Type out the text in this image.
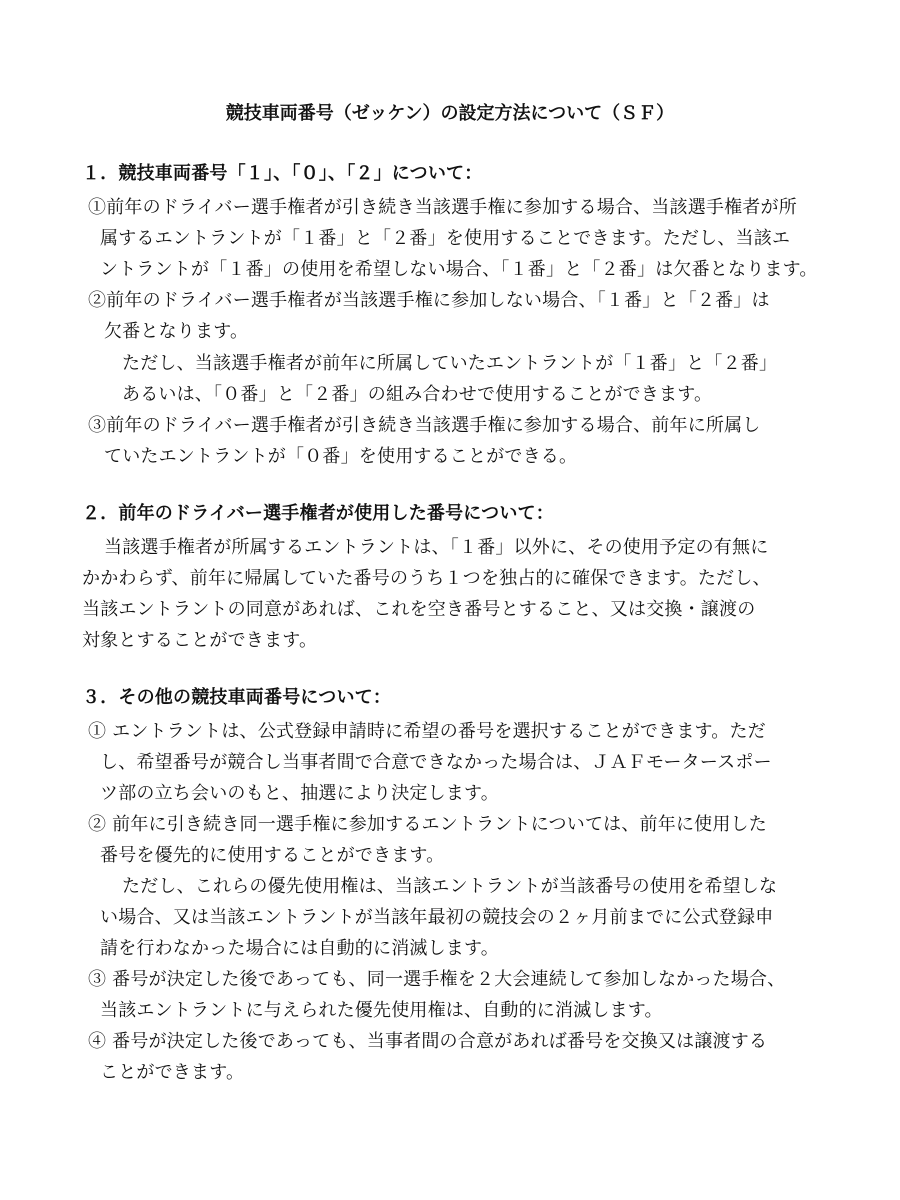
競技車両番号（ゼッケン）の設定方法について（ＳＦ）
１．競技車両番号「１」、「０」、「２」について：
①前年のドライバー選手権者が引き続き当該選手権に参加する場合、当該選手権者が所
属するエントラントが「１番」と「２番」を使用することできます。ただし、当該エ
ントラントが「１番」の使用を希望しない場合、「１番」と「２番」は欠番となります。
②前年のドライバー選手権者が当該選手権に参加しない場合、「１番」と「２番」は
欠番となります。
ただし、当該選手権者が前年に所属していたエントラントが「１番」と「２番」
あるいは、「０番」と「２番」の組み合わせで使用することができます。
③前年のドライバー選手権者が引き続き当該選手権に参加する場合、前年に所属し
ていたエントラントが「０番」を使用することができる。
２．前年のドライバー選手権者が使用した番号について：
当該選手権者が所属するエントラントは、「１番」以外に、その使用予定の有無に
かかわらず、前年に帰属していた番号のうち１つを独占的に確保できます。ただし、
当該エントラントの同意があれば、これを空き番号とすること、又は交換・譲渡の
対象とすることができます。
３．その他の競技車両番号について：
① エントラントは、公式登録申請時に希望の番号を選択することができます。ただ
し、希望番号が競合し当事者間で合意できなかった場合は、ＪＡＦモータースポー
ツ部の立ち会いのもと、抽選により決定します。
② 前年に引き続き同一選手権に参加するエントラントについては、前年に使用した
番号を優先的に使用することができます。
ただし、これらの優先使用権は、当該エントラントが当該番号の使用を希望しな
い場合、又は当該エントラントが当該年最初の競技会の２ヶ月前までに公式登録申
請を行わなかった場合には自動的に消滅します。
③ 番号が決定した後であっても、同一選手権を２大会連続して参加しなかった場合、
当該エントラントに与えられた優先使用権は、自動的に消滅します。
④ 番号が決定した後であっても、当事者間の合意があれば番号を交換又は譲渡する
ことができます。
